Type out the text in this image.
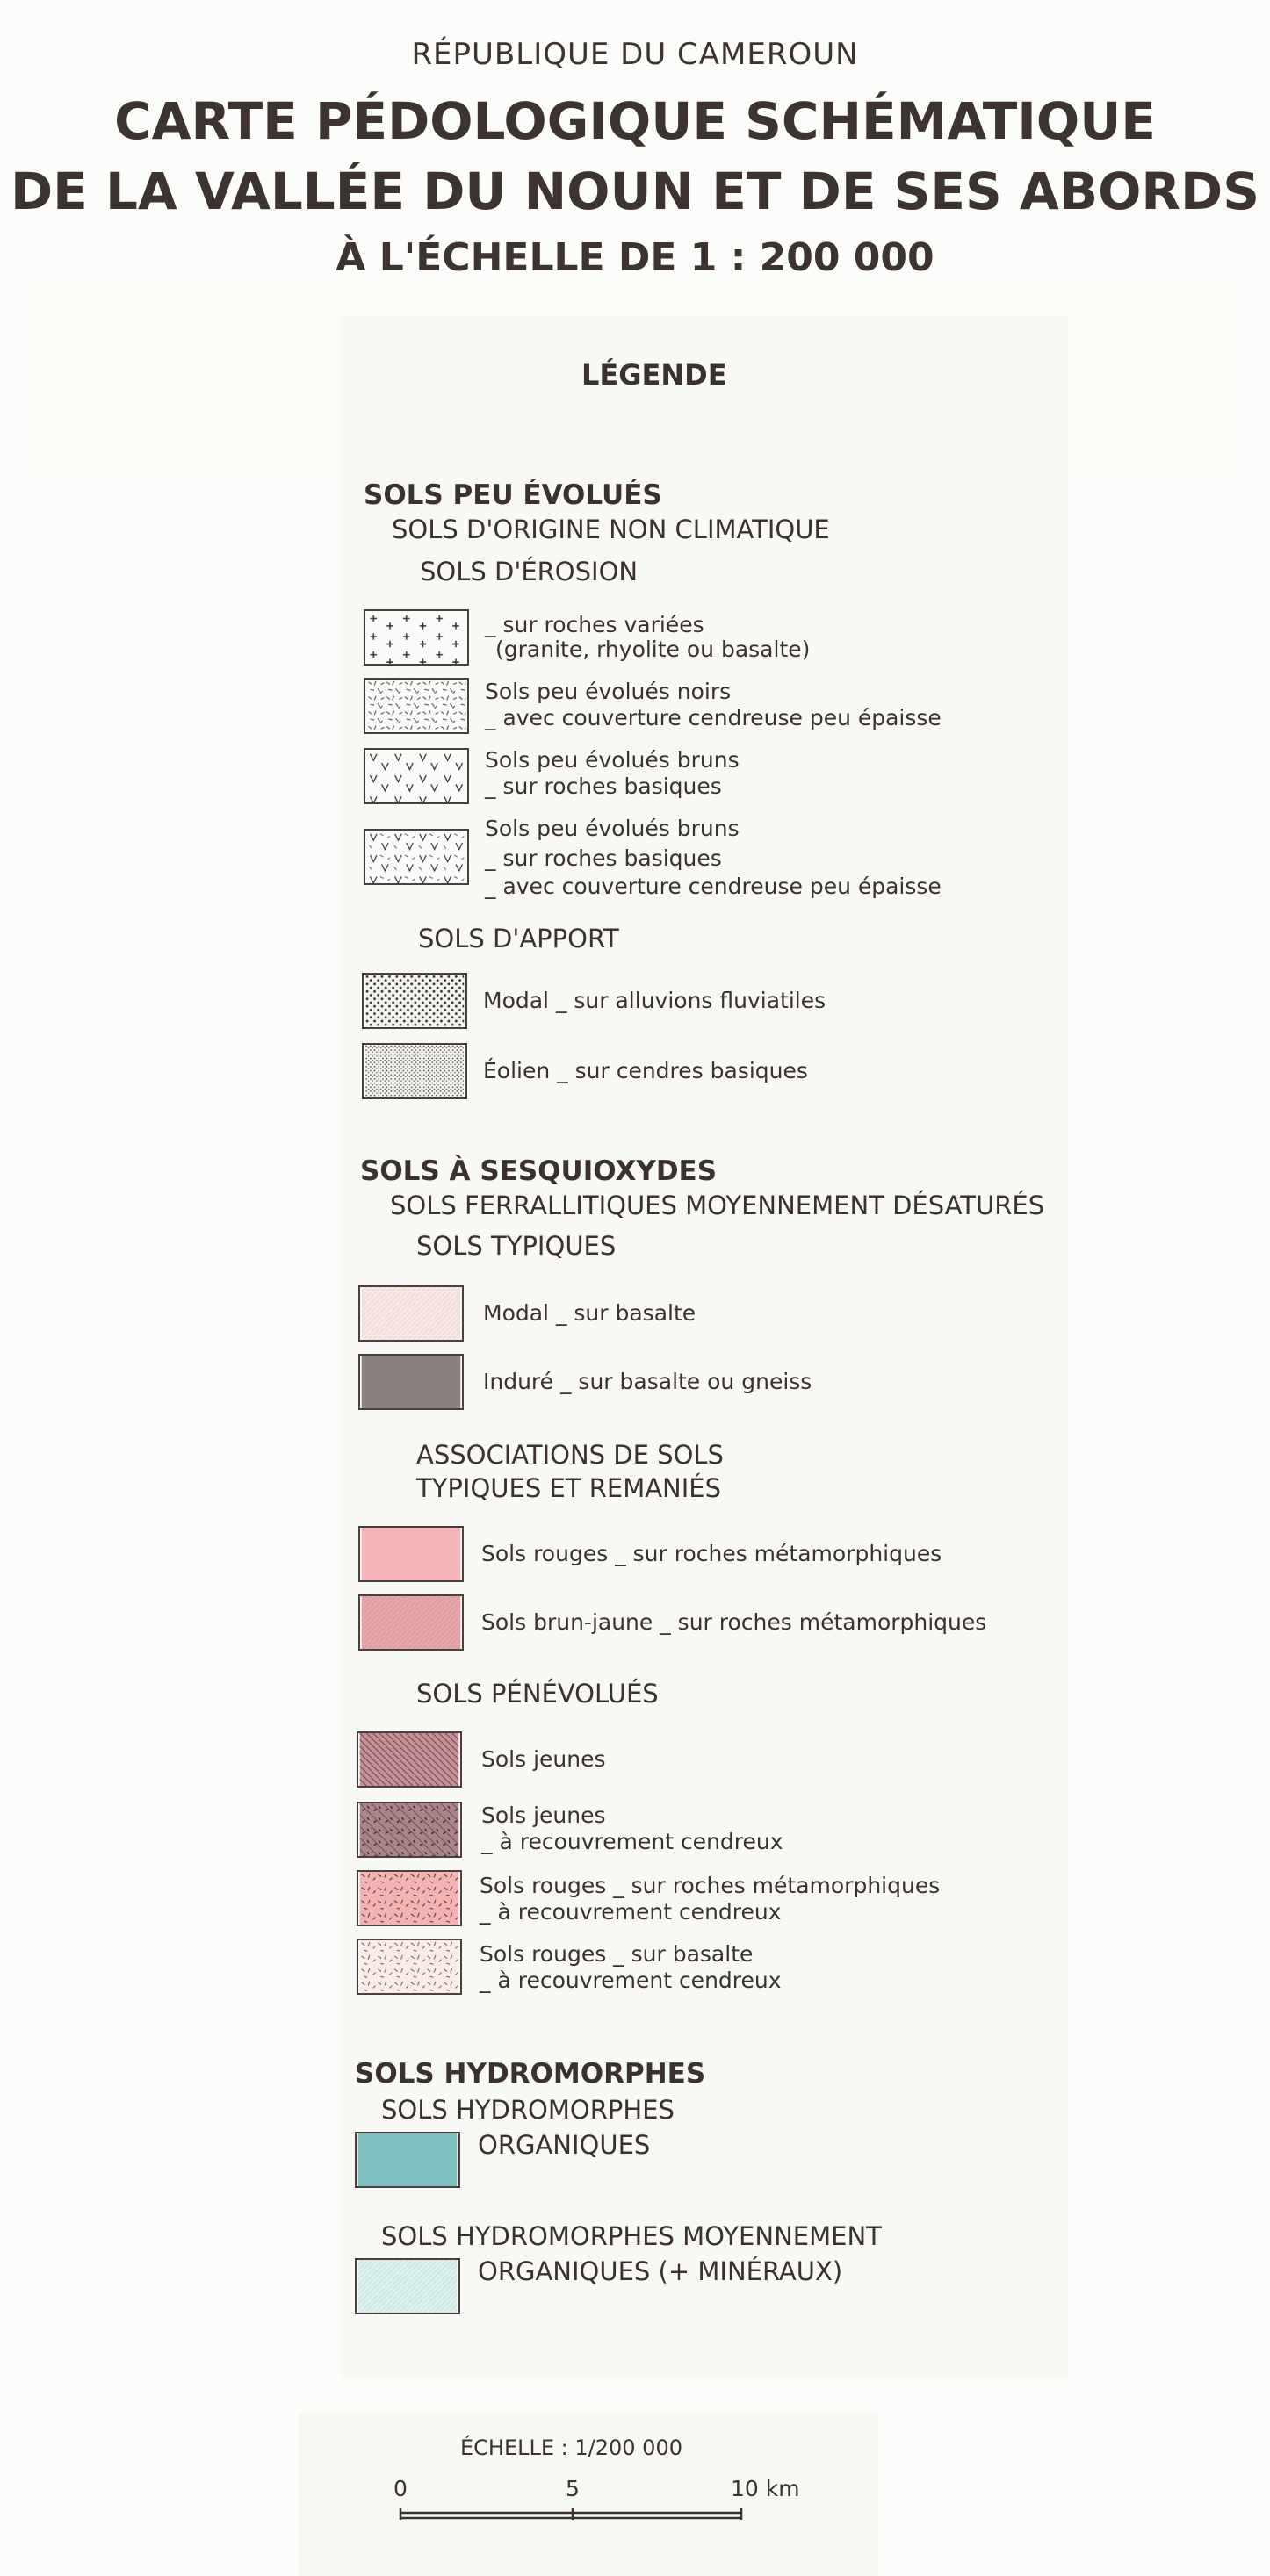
RÉPUBLIQUE DU CAMEROUN
CARTE PÉDOLOGIQUE SCHÉMATIQUE
DE LA VALLÉE DU NOUN ET DE SES ABORDS
À L'ÉCHELLE DE 1 : 200 000
LÉGENDE
SOLS PEU ÉVOLUÉS
SOLS D'ORIGINE NON CLIMATIQUE
SOLS D'ÉROSION
_ sur roches variées
(granite, rhyolite ou basalte)
Sols peu évolués noirs
_ avec couverture cendreuse peu épaisse
Sols peu évolués bruns
_ sur roches basiques
Sols peu évolués bruns
_ sur roches basiques
_ avec couverture cendreuse peu épaisse
SOLS D'APPORT
Modal _ sur alluvions fluviatiles
Éolien _ sur cendres basiques
SOLS À SESQUIOXYDES
SOLS FERRALLITIQUES MOYENNEMENT DÉSATURÉS
SOLS TYPIQUES
Modal _ sur basalte
Induré _ sur basalte ou gneiss
ASSOCIATIONS DE SOLS
TYPIQUES ET REMANIÉS
Sols rouges _ sur roches métamorphiques
Sols brun-jaune _ sur roches métamorphiques
SOLS PÉNÉVOLUÉS
Sols jeunes
Sols jeunes
_ à recouvrement cendreux
Sols rouges _ sur roches métamorphiques
_ à recouvrement cendreux
Sols rouges _ sur basalte
_ à recouvrement cendreux
SOLS HYDROMORPHES
SOLS HYDROMORPHES
ORGANIQUES
SOLS HYDROMORPHES MOYENNEMENT
ORGANIQUES (+ MINÉRAUX)
ÉCHELLE : 1/200 000
0	5	10 km
